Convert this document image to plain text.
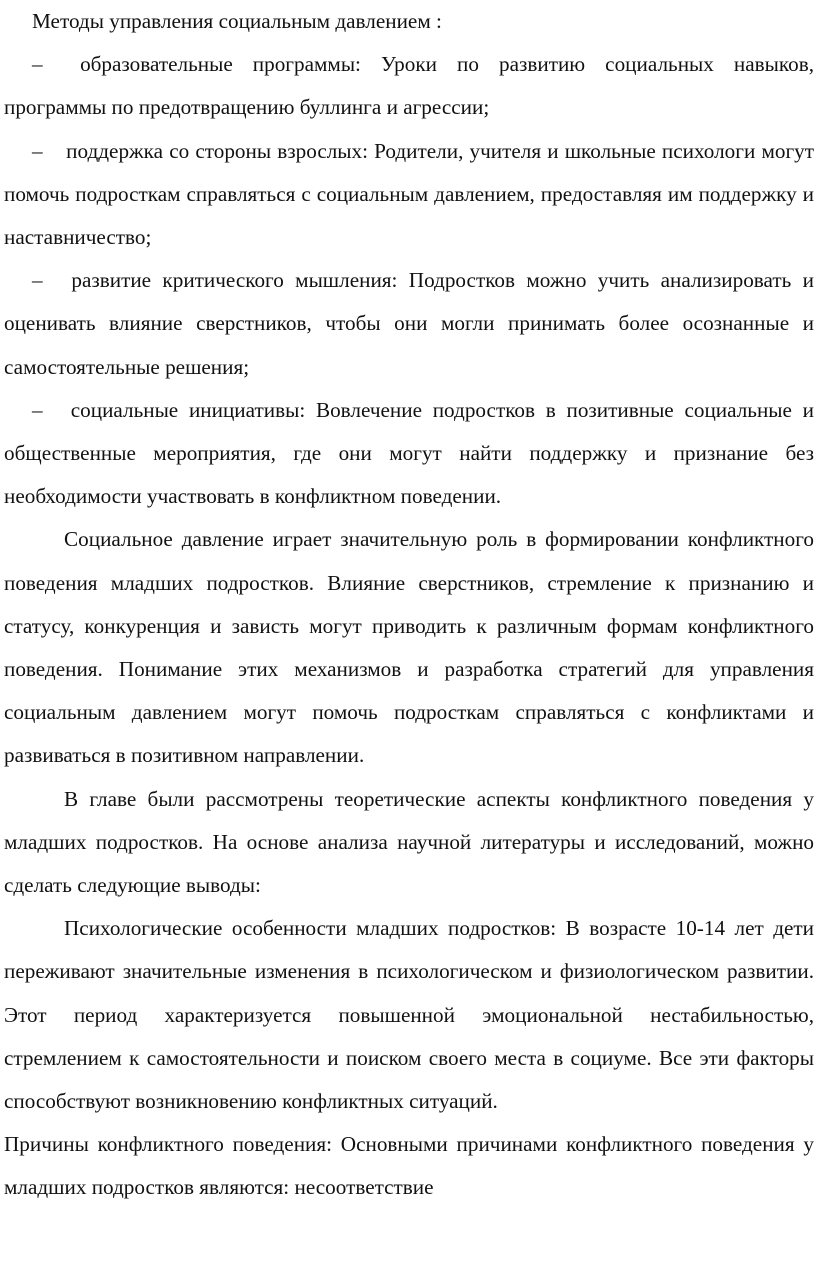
Методы управления социальным давлением :

– образовательные программы: Уроки по развитию социальных навыков, программы по предотвращению буллинга и агрессии;

– поддержка со стороны взрослых: Родители, учителя и школьные психологи могут помочь подросткам справляться с социальным давлением, предоставляя им поддержку и наставничество;

– развитие критического мышления: Подростков можно учить анализировать и оценивать влияние сверстников, чтобы они могли принимать более осознанные и самостоятельные решения;

– социальные инициативы: Вовлечение подростков в позитивные социальные и общественные мероприятия, где они могут найти поддержку и признание без необходимости участвовать в конфликтном поведении.

Социальное давление играет значительную роль в формировании конфликтного поведения младших подростков. Влияние сверстников, стремление к признанию и статусу, конкуренция и зависть могут приводить к различным формам конфликтного поведения. Понимание этих механизмов и разработка стратегий для управления социальным давлением могут помочь подросткам справляться с конфликтами и развиваться в позитивном направлении.

В главе были рассмотрены теоретические аспекты конфликтного поведения у младших подростков. На основе анализа научной литературы и исследований, можно сделать следующие выводы:

Психологические особенности младших подростков: В возрасте 10-14 лет дети переживают значительные изменения в психологическом и физиологическом развитии. Этот период характеризуется повышенной эмоциональной нестабильностью, стремлением к самостоятельности и поиском своего места в социуме. Все эти факторы способствуют возникновению конфликтных ситуаций.

Причины конфликтного поведения: Основными причинами конфликтного поведения у младших подростков являются: несоответствие
